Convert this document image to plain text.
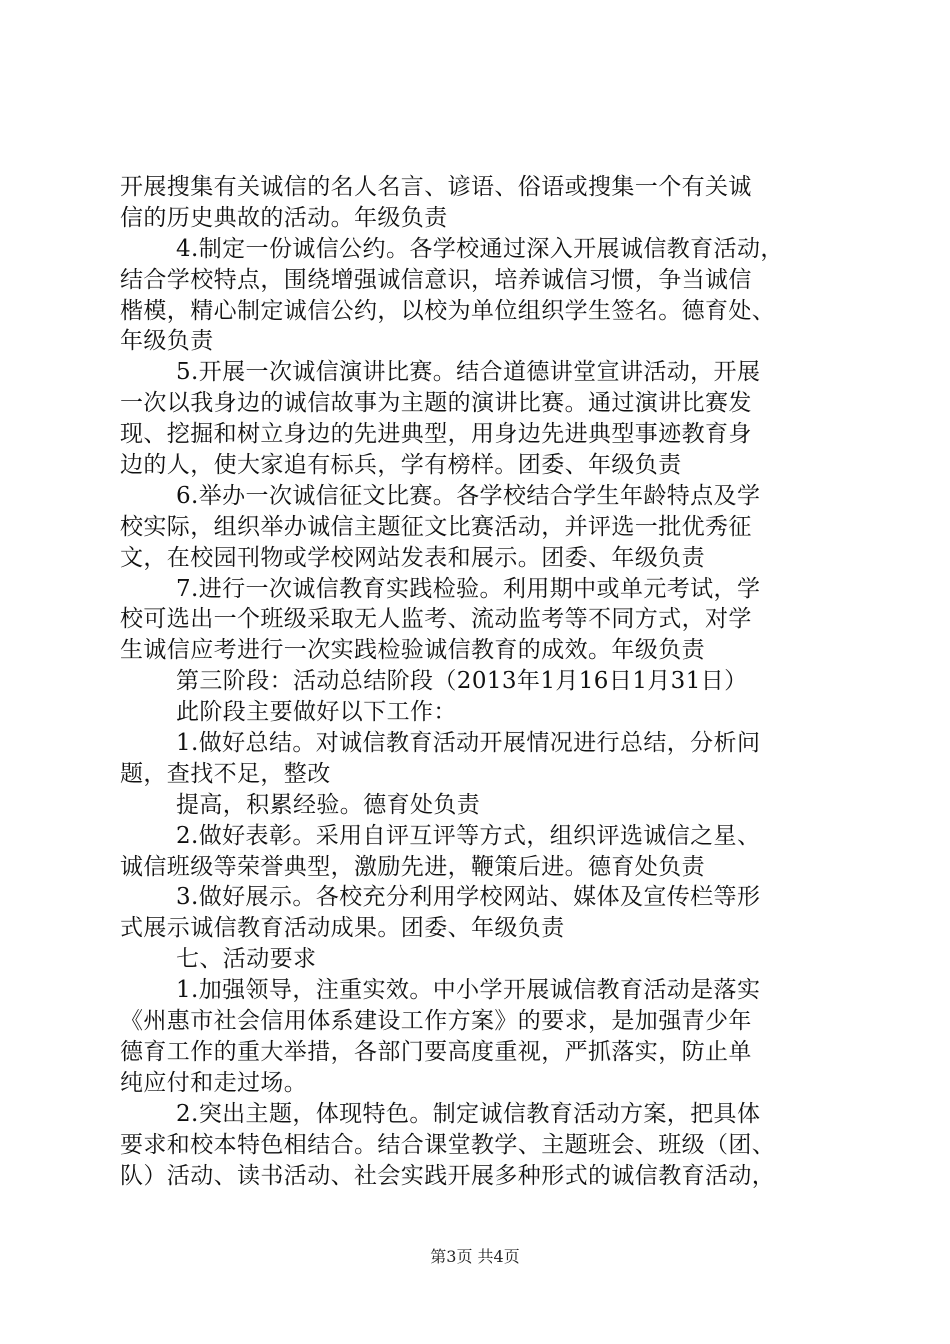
开展搜集有关诚信的名人名言、谚语、俗语或搜集一个有关诚
信的历史典故的活动。年级负责
4.制定一份诚信公约。各学校通过深入开展诚信教育活动，
结合学校特点，围绕增强诚信意识，培养诚信习惯，争当诚信
楷模，精心制定诚信公约，以校为单位组织学生签名。德育处、
年级负责
5.开展一次诚信演讲比赛。结合道德讲堂宣讲活动，开展
一次以我身边的诚信故事为主题的演讲比赛。通过演讲比赛发
现、挖掘和树立身边的先进典型，用身边先进典型事迹教育身
边的人，使大家追有标兵，学有榜样。团委、年级负责
6.举办一次诚信征文比赛。各学校结合学生年龄特点及学
校实际，组织举办诚信主题征文比赛活动，并评选一批优秀征
文，在校园刊物或学校网站发表和展示。团委、年级负责
7.进行一次诚信教育实践检验。利用期中或单元考试，学
校可选出一个班级采取无人监考、流动监考等不同方式，对学
生诚信应考进行一次实践检验诚信教育的成效。年级负责
第三阶段：活动总结阶段（2013年1月16日1月31日）
此阶段主要做好以下工作：
1.做好总结。对诚信教育活动开展情况进行总结，分析问
题，查找不足，整改
提高，积累经验。德育处负责
2.做好表彰。采用自评互评等方式，组织评选诚信之星、
诚信班级等荣誉典型，激励先进，鞭策后进。德育处负责
3.做好展示。各校充分利用学校网站、媒体及宣传栏等形
式展示诚信教育活动成果。团委、年级负责
七、活动要求
1.加强领导，注重实效。中小学开展诚信教育活动是落实
《州惠市社会信用体系建设工作方案》的要求，是加强青少年
德育工作的重大举措，各部门要高度重视，严抓落实，防止单
纯应付和走过场。
2.突出主题，体现特色。制定诚信教育活动方案，把具体
要求和校本特色相结合。结合课堂教学、主题班会、班级（团、
队）活动、读书活动、社会实践开展多种形式的诚信教育活动，
第3页 共4页
